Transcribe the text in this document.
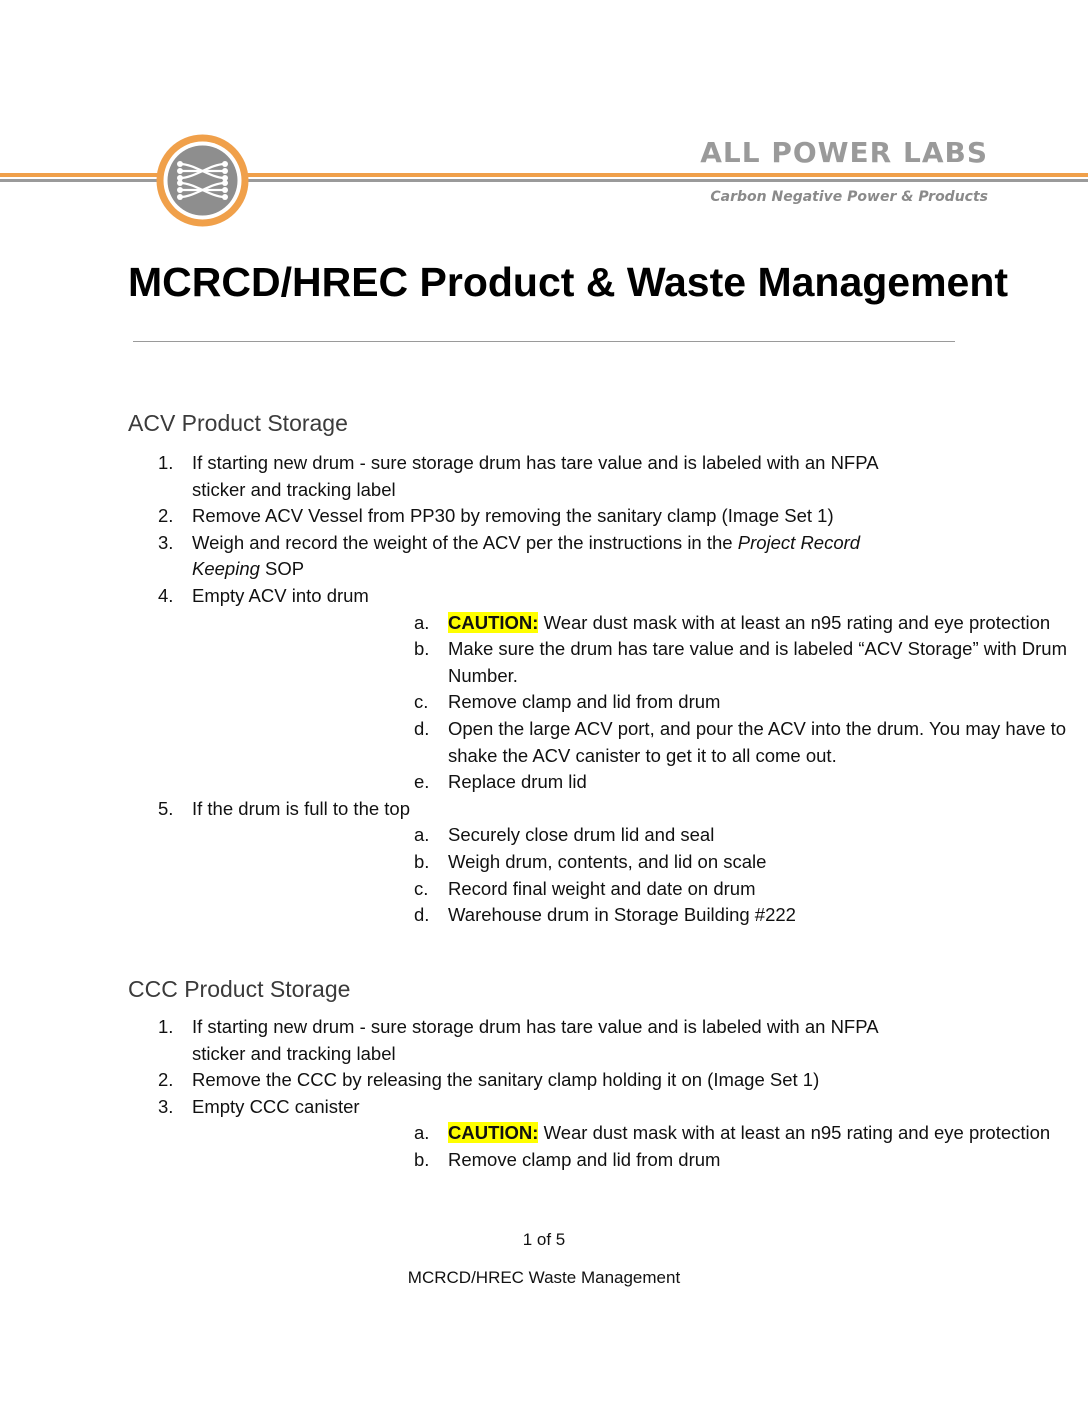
ALL POWER LABS
Carbon Negative Power & Products
MCRCD/HREC Product & Waste Management
ACV Product Storage
1. If starting new drum - sure storage drum has tare value and is labeled with an NFPA
sticker and tracking label
2. Remove ACV Vessel from PP30 by removing the sanitary clamp (Image Set 1)
3. Weigh and record the weight of the ACV per the instructions in the Project Record
Keeping SOP
4. Empty ACV into drum
a. CAUTION: Wear dust mask with at least an n95 rating and eye protection
b. Make sure the drum has tare value and is labeled “ACV Storage” with Drum
Number.
c. Remove clamp and lid from drum
d. Open the large ACV port, and pour the ACV into the drum. You may have to
shake the ACV canister to get it to all come out.
e. Replace drum lid
5. If the drum is full to the top
a. Securely close drum lid and seal
b. Weigh drum, contents, and lid on scale
c. Record final weight and date on drum
d. Warehouse drum in Storage Building #222
CCC Product Storage
1. If starting new drum - sure storage drum has tare value and is labeled with an NFPA
sticker and tracking label
2. Remove the CCC by releasing the sanitary clamp holding it on (Image Set 1)
3. Empty CCC canister
a. CAUTION: Wear dust mask with at least an n95 rating and eye protection
b. Remove clamp and lid from drum
1 of 5
MCRCD/HREC Waste Management
